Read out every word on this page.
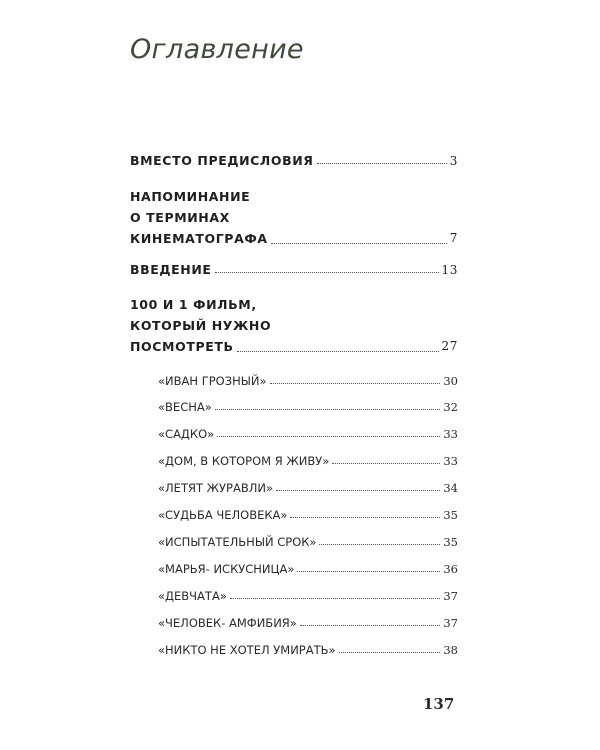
Оглавление
ВМЕСТО ПРЕДИСЛОВИЯ	3
НАПОМИНАНИЕ
О ТЕРМИНАХ
КИНЕМАТОГРАФА	7
ВВЕДЕНИЕ	13
100 И 1 ФИЛЬМ,
КОТОРЫЙ НУЖНО
ПОСМОТРЕТЬ	27
«ИВАН ГРОЗНЫЙ»	30
«ВЕСНА»	32
«САДКО»	33
«ДОМ, В КОТОРОМ Я ЖИВУ»	33
«ЛЕТЯТ ЖУРАВЛИ»	34
«СУДЬБА ЧЕЛОВЕКА»	35
«ИСПЫТАТЕЛЬНЫЙ СРОК»	35
«МАРЬЯ- ИСКУСНИЦА»	36
«ДЕВЧАТА»	37
«ЧЕЛОВЕК- АМФИБИЯ»	37
«НИКТО НЕ ХОТЕЛ УМИРАТЬ»	38
137
